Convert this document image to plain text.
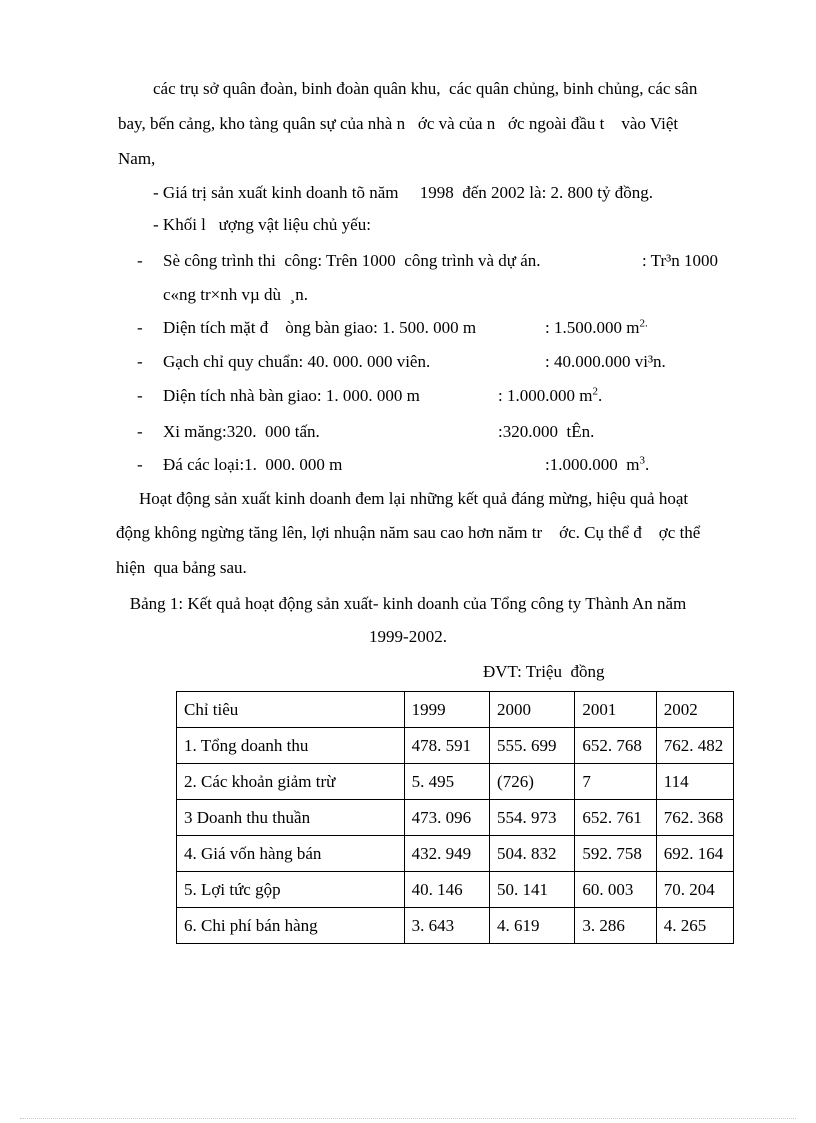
các trụ sở quân đoàn, binh đoàn quân khu,  các quân chủng, binh chủng, các sân
bay, bến cảng, kho tàng quân sự của nhà n   ớc và của n   ớc ngoài đầu t    vào Việt
Nam,
- Giá trị sản xuất kinh doanh tõ năm     1998  đến 2002 là: 2. 800 tỷ đồng.
- Khối l   ượng vật liệu chủ yếu:
- Sè công trình thi  công: Trên 1000  công trình và dự án.	: Tr³n 1000
c«ng tr×nh vµ dù  ¸n.
- Diện tích mặt đ    òng bàn giao: 1. 500. 000 m	: 1.500.000 $m^{2.}$
- Gạch chỉ quy chuẩn: 40. 000. 000 viên.	: 40.000.000 vi³n.
- Diện tích nhà bàn giao: 1. 000. 000 m	: 1.000.000 $m^2$.
- Xi măng:320.  000 tấn.	:320.000  tÊn.
- Đá các loại:1.  000. 000 m	:1.000.000  $m^3$.
Hoạt động sản xuất kinh doanh đem lại những kết quả đáng mừng, hiệu quả hoạt
động không ngừng tăng lên, lợi nhuận năm sau cao hơn năm tr    ớc. Cụ thể đ    ợc thể
hiện  qua bảng sau.
Bảng 1: Kết quả hoạt động sản xuất- kinh doanh của Tổng công ty Thành An năm
1999-2002.
ĐVT: Triệu  đồng
Chỉ tiêu	1999	2000	2001	2002
1. Tổng doanh thu	478. 591	555. 699	652. 768	762. 482
2. Các khoản giảm trừ	5. 495	(726)	7	114
3 Doanh thu thuần	473. 096	554. 973	652. 761	762. 368
4. Giá vốn hàng bán	432. 949	504. 832	592. 758	692. 164
5. Lợi tức gộp	40. 146	50. 141	60. 003	70. 204
6. Chi phí bán hàng	3. 643	4. 619	3. 286	4. 265
